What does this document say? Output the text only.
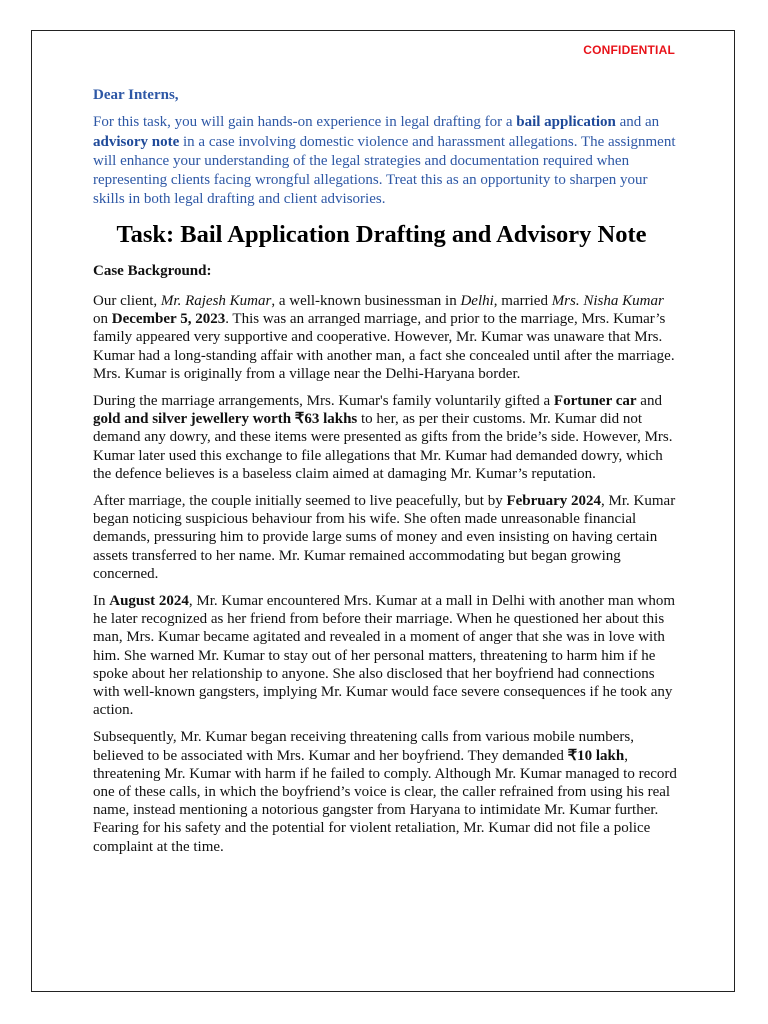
CONFIDENTIAL

Dear Interns,

For this task, you will gain hands-on experience in legal drafting for a bail application and an advisory note in a case involving domestic violence and harassment allegations. The assignment will enhance your understanding of the legal strategies and documentation required when representing clients facing wrongful allegations. Treat this as an opportunity to sharpen your skills in both legal drafting and client advisories.

Task: Bail Application Drafting and Advisory Note

Case Background:

Our client, Mr. Rajesh Kumar, a well-known businessman in Delhi, married Mrs. Nisha Kumar on December 5, 2023. This was an arranged marriage, and prior to the marriage, Mrs. Kumar’s family appeared very supportive and cooperative. However, Mr. Kumar was unaware that Mrs. Kumar had a long-standing affair with another man, a fact she concealed until after the marriage. Mrs. Kumar is originally from a village near the Delhi-Haryana border.

During the marriage arrangements, Mrs. Kumar's family voluntarily gifted a Fortuner car and gold and silver jewellery worth ₹63 lakhs to her, as per their customs. Mr. Kumar did not demand any dowry, and these items were presented as gifts from the bride’s side. However, Mrs. Kumar later used this exchange to file allegations that Mr. Kumar had demanded dowry, which the defence believes is a baseless claim aimed at damaging Mr. Kumar’s reputation.

After marriage, the couple initially seemed to live peacefully, but by February 2024, Mr. Kumar began noticing suspicious behaviour from his wife. She often made unreasonable financial demands, pressuring him to provide large sums of money and even insisting on having certain assets transferred to her name. Mr. Kumar remained accommodating but began growing concerned.

In August 2024, Mr. Kumar encountered Mrs. Kumar at a mall in Delhi with another man whom he later recognized as her friend from before their marriage. When he questioned her about this man, Mrs. Kumar became agitated and revealed in a moment of anger that she was in love with him. She warned Mr. Kumar to stay out of her personal matters, threatening to harm him if he spoke about her relationship to anyone. She also disclosed that her boyfriend had connections with well-known gangsters, implying Mr. Kumar would face severe consequences if he took any action.

Subsequently, Mr. Kumar began receiving threatening calls from various mobile numbers, believed to be associated with Mrs. Kumar and her boyfriend. They demanded ₹10 lakh, threatening Mr. Kumar with harm if he failed to comply. Although Mr. Kumar managed to record one of these calls, in which the boyfriend’s voice is clear, the caller refrained from using his real name, instead mentioning a notorious gangster from Haryana to intimidate Mr. Kumar further. Fearing for his safety and the potential for violent retaliation, Mr. Kumar did not file a police complaint at the time.
